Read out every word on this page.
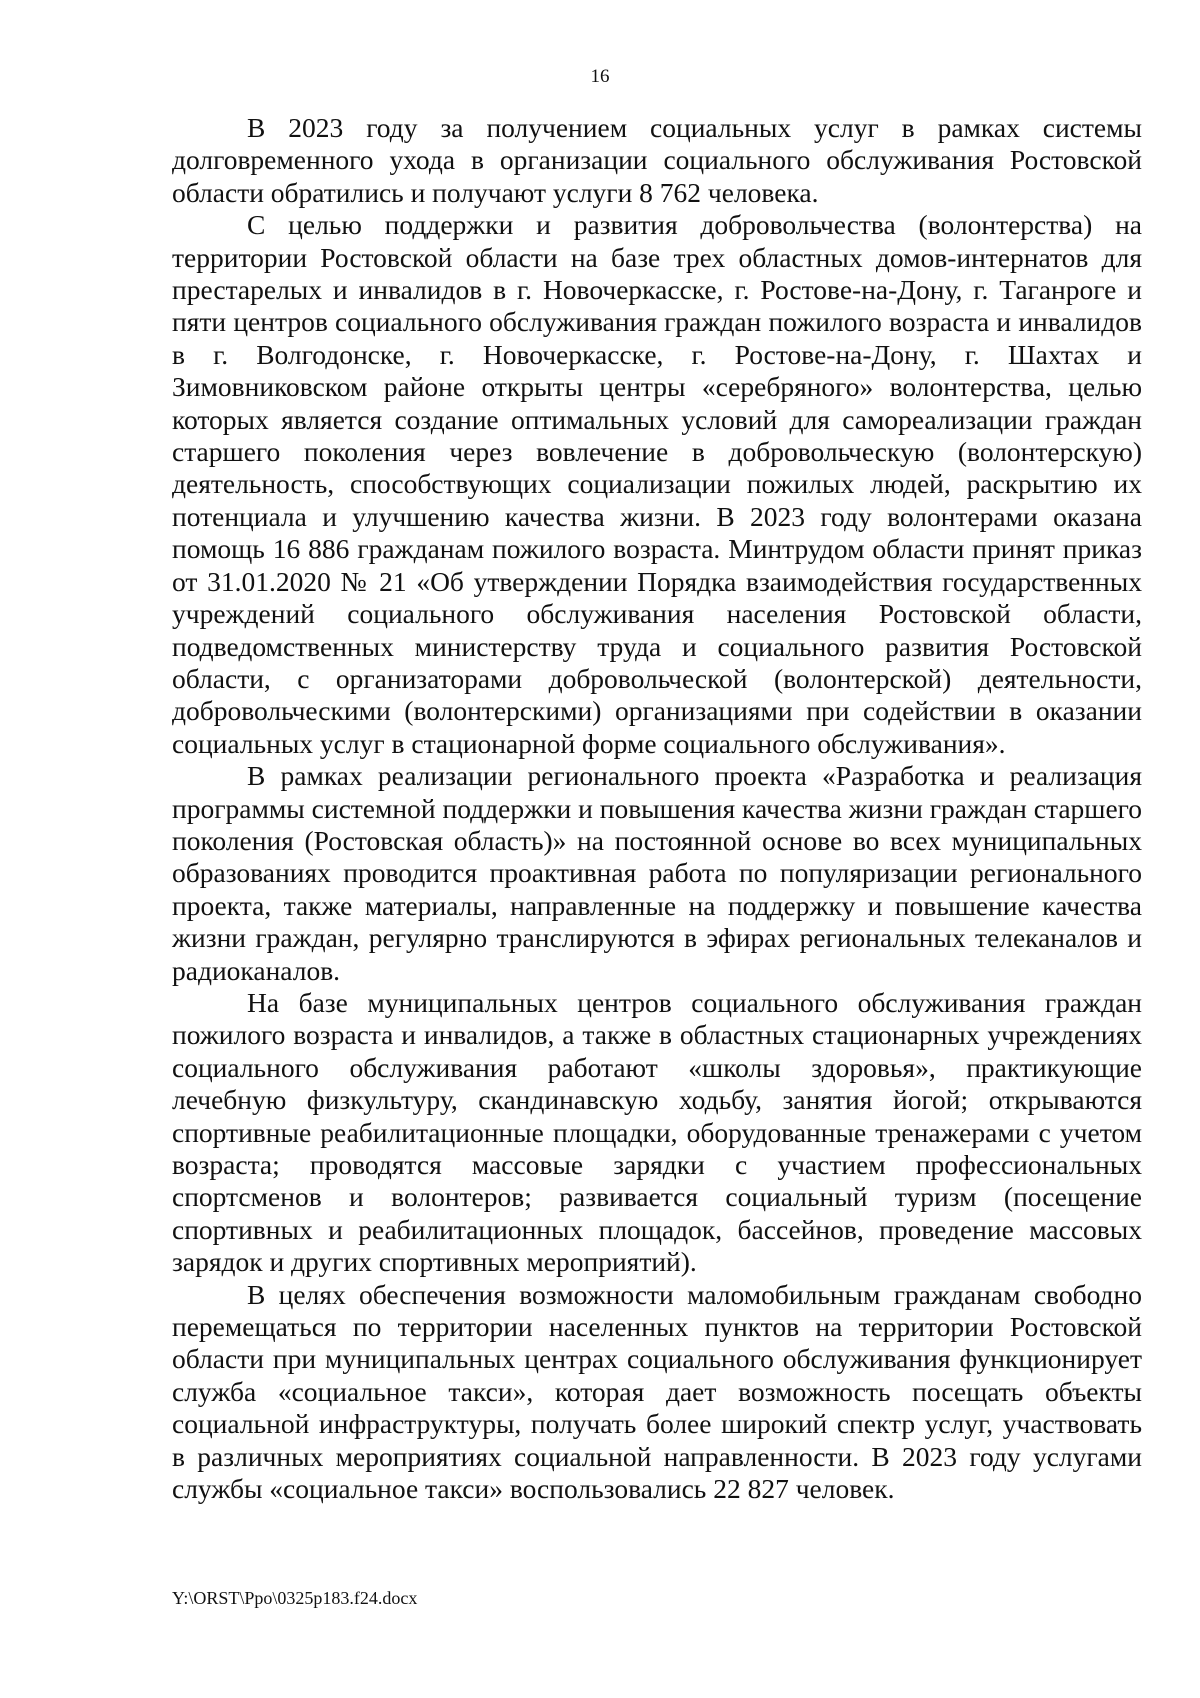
16

В 2023 году за получением социальных услуг в рамках системы долговременного ухода в организации социального обслуживания Ростовской области обратились и получают услуги 8 762 человека.

С целью поддержки и развития добровольчества (волонтерства) на территории Ростовской области на базе трех областных домов-интернатов для престарелых и инвалидов в г. Новочеркасске, г. Ростове-на-Дону, г. Таганроге и пяти центров социального обслуживания граждан пожилого возраста и инвалидов в г. Волгодонске, г. Новочеркасске, г. Ростове-на-Дону, г. Шахтах и Зимовниковском районе открыты центры «серебряного» волонтерства, целью которых является создание оптимальных условий для самореализации граждан старшего поколения через вовлечение в добровольческую (волонтерскую) деятельность, способствующих социализации пожилых людей, раскрытию их потенциала и улучшению качества жизни. В 2023 году волонтерами оказана помощь 16 886 гражданам пожилого возраста. Минтрудом области принят приказ от 31.01.2020 № 21 «Об утверждении Порядка взаимодействия государственных учреждений социального обслуживания населения Ростовской области, подведомственных министерству труда и социального развития Ростовской области, с организаторами добровольческой (волонтерской) деятельности, добровольческими (волонтерскими) организациями при содействии в оказании социальных услуг в стационарной форме социального обслуживания».

В рамках реализации регионального проекта «Разработка и реализация программы системной поддержки и повышения качества жизни граждан старшего поколения (Ростовская область)» на постоянной основе во всех муниципальных образованиях проводится проактивная работа по популяризации регионального проекта, также материалы, направленные на поддержку и повышение качества жизни граждан, регулярно транслируются в эфирах региональных телеканалов и радиоканалов.

На базе муниципальных центров социального обслуживания граждан пожилого возраста и инвалидов, а также в областных стационарных учреждениях социального обслуживания работают «школы здоровья», практикующие лечебную физкультуру, скандинавскую ходьбу, занятия йогой; открываются спортивные реабилитационные площадки, оборудованные тренажерами с учетом возраста; проводятся массовые зарядки с участием профессиональных спортсменов и волонтеров; развивается социальный туризм (посещение спортивных и реабилитационных площадок, бассейнов, проведение массовых зарядок и других спортивных мероприятий).

В целях обеспечения возможности маломобильным гражданам свободно перемещаться по территории населенных пунктов на территории Ростовской области при муниципальных центрах социального обслуживания функционирует служба «социальное такси», которая дает возможность посещать объекты социальной инфраструктуры, получать более широкий спектр услуг, участвовать в различных мероприятиях социальной направленности. В 2023 году услугами службы «социальное такси» воспользовались 22 827 человек.

Y:\ORST\Ppo\0325p183.f24.docx
